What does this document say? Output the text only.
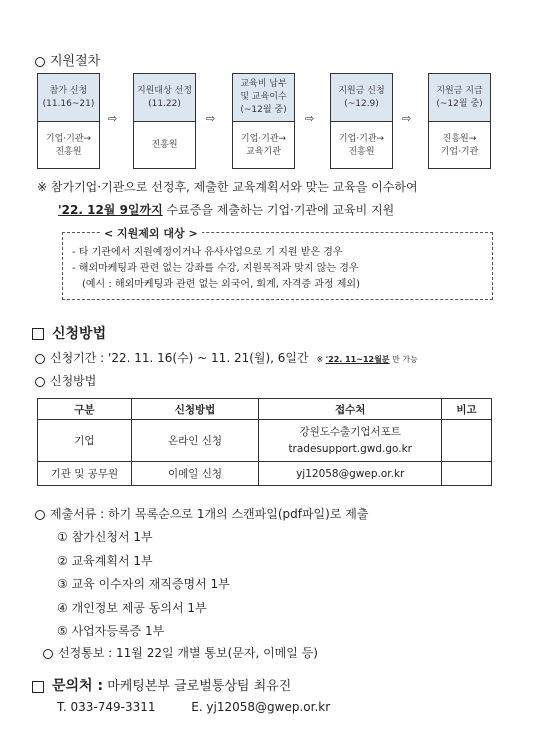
지원절차
참가 신청
(11.16~21)
기업·기관→
진흥원
⇨
지원대상 선정
(11.22)
진흥원
⇨
교육비 납부
및 교육이수
(~12월 중)
기업·기관→
교육기관
⇨
지원금 신청
(~12.9)
기업·기관→
진흥원
⇨
지원금 지급
(~12월 중)
진흥원→
기업·기관
※ 참가기업·기관으로 선정후, 제출한 교육계획서와 맞는 교육을 이수하여
'22. 12월 9일까지 수료증을 제출하는 기업·기관에 교육비 지원
< 지원제외 대상 >
- 타 기관에서 지원예정이거나 유사사업으로 기 지원 받은 경우
- 해외마케팅과 관련 없는 강좌를 수강, 지원목적과 맞지 않는 경우
(예시 : 해외마케팅과 관련 없는 외국어, 회계, 자격증 과정 제외)
신청방법
신청기간 : '22. 11. 16(수) ~ 11. 21(월), 6일간 ※ '22. 11~12월분 만 가능
신청방법
구분	신청방법	접수처	비고
기업	온라인 신청	강원도수출기업서포트
tradesupport.gwd.go.kr	

기관 및 공무원	이메일 신청	yj12058@gwep.or.kr	
제출서류 : 하기 목록순으로 1개의 스캔파일(pdf파일)로 제출
① 참가신청서 1부
② 교육계획서 1부
③ 교육 이수자의 재직증명서 1부
④ 개인정보 제공 동의서 1부
⑤ 사업자등록증 1부
선정통보 : 11월 22일 개별 통보(문자, 이메일 등)
문의처 : 마케팅본부 글로벌통상팀 최유진
T. 033-749-3311	E. yj12058@gwep.or.kr
